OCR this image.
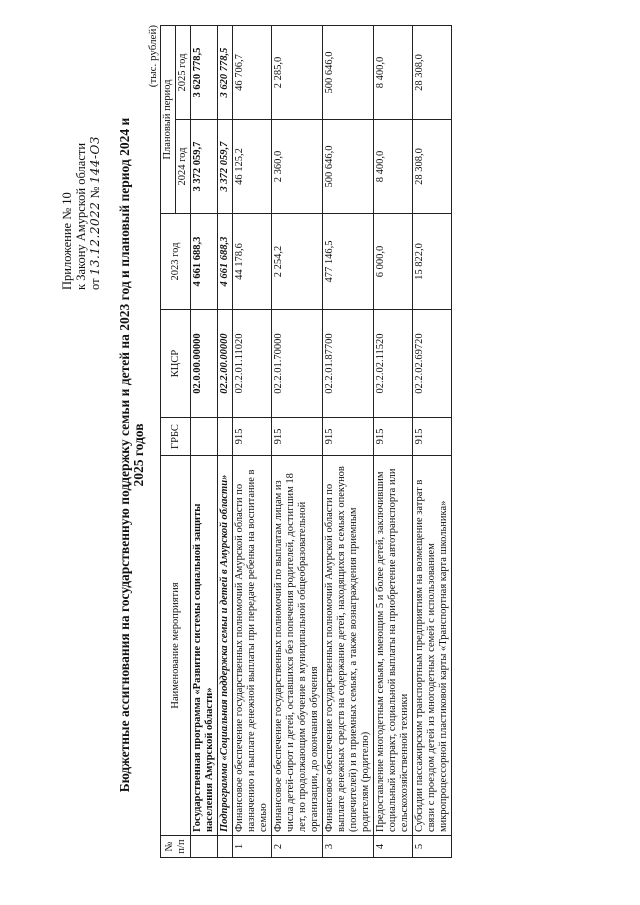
Приложение № 10 к Закону Амурской области от 13.12.2022 № 144-ОЗ Бюджетные ассигнования на государственную поддержку семьи и детей на 2023 год и плановый период 2024 и 2025 годов
(тыс. рублей)
№ п/п	Наименование мероприятия	ГРБС	КЦСР	2023 год	Плановый период	
					2024 год	2025 год
	Государственная программа «Развитие системы социальной защиты населения Амурской области»		02.0.00.00000	4 661 688,3	3 372 059,7	3 620 778,5
	Подпрограмма «Социальная поддержка семьи и детей в Амурской области»		02.2.00.00000	4 661 688,3	3 372 059,7	3 620 778,5
1	Финансовое обеспечение государственных полномочий Амурской области по назначению и выплате денежной выплаты при передаче ребенка на воспитание в семью	915	02.2.01.11020	44 178,6	46 125,2	46 706,7
2	Финансовое обеспечение государственных полномочий по выплатам лицам из числа детей-сирот и детей, оставшихся без попечения родителей, достигшим 18 лет, но продолжающим обучение в муниципальной общеобразовательной организации, до окончания обучения	915	02.2.01.70000	2 254,2	2 360,0	2 285,0
3	Финансовое обеспечение государственных полномочий Амурской области по выплате денежных средств на содержание детей, находящихся в семьях опекунов (попечителей) и в приемных семьях, а также вознаграждения приемным родителям (родителю)	915	02.2.01.87700	477 146,5	500 646,0	500 646,0
4	Предоставление многодетным семьям, имеющим 5 и более детей, заключившим социальный контракт, социальной выплаты на приобретение автотранспорта или сельскохозяйственной техники	915	02.2.02.11520	6 000,0	8 400,0	8 400,0
5	Субсидии пассажирским транспортным предприятиям на возмещение затрат в связи с проездом детей из многодетных семей с использованием микропроцессорной пластиковой карты «Транспортная карта школьника»	915	02.2.02.69720	15 822,0	28 308,0	28 308,0
